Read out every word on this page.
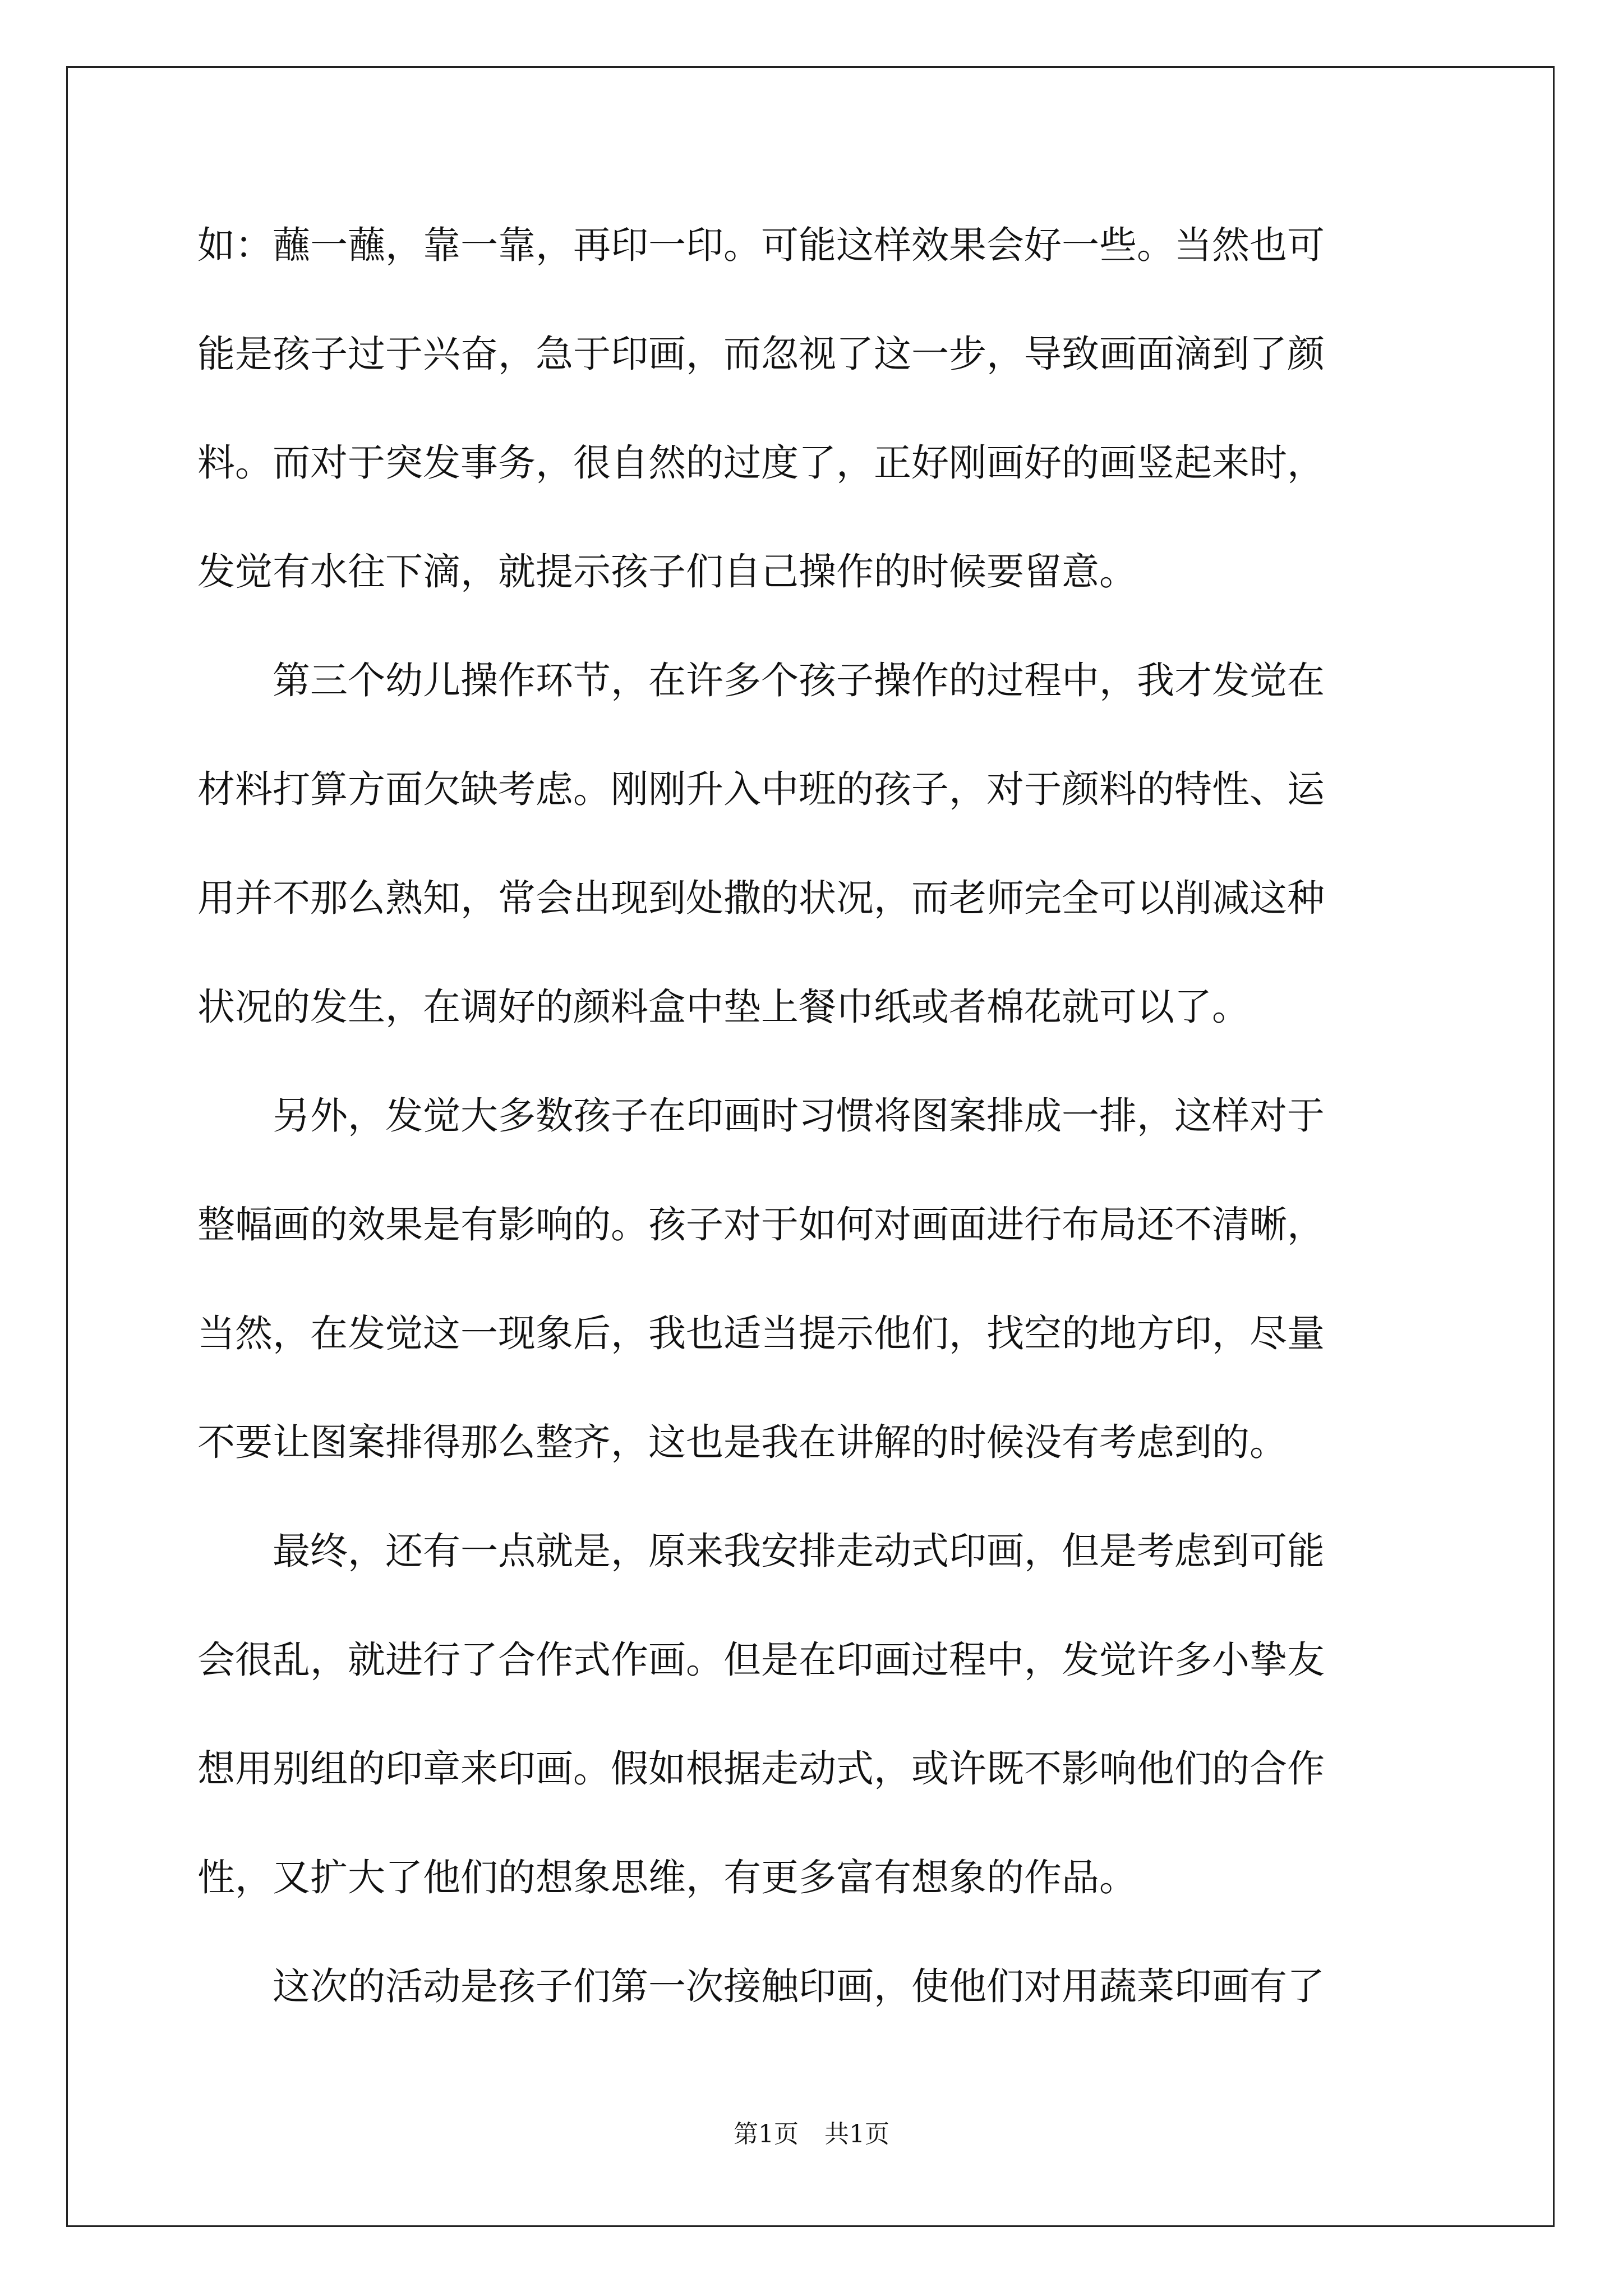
如：蘸一蘸，靠一靠，再印一印。可能这样效果会好一些。当然也可
能是孩子过于兴奋，急于印画，而忽视了这一步，导致画面滴到了颜
料。而对于突发事务，很自然的过度了，正好刚画好的画竖起来时，
发觉有水往下滴，就提示孩子们自己操作的时候要留意。
　　第三个幼儿操作环节，在许多个孩子操作的过程中，我才发觉在
材料打算方面欠缺考虑。刚刚升入中班的孩子，对于颜料的特性、运
用并不那么熟知，常会出现到处撒的状况，而老师完全可以削减这种
状况的发生，在调好的颜料盒中垫上餐巾纸或者棉花就可以了。
　　另外，发觉大多数孩子在印画时习惯将图案排成一排，这样对于
整幅画的效果是有影响的。孩子对于如何对画面进行布局还不清晰，
当然，在发觉这一现象后，我也适当提示他们，找空的地方印，尽量
不要让图案排得那么整齐，这也是我在讲解的时候没有考虑到的。
　　最终，还有一点就是，原来我安排走动式印画，但是考虑到可能
会很乱，就进行了合作式作画。但是在印画过程中，发觉许多小挚友
想用别组的印章来印画。假如根据走动式，或许既不影响他们的合作
性，又扩大了他们的想象思维，有更多富有想象的作品。
　　这次的活动是孩子们第一次接触印画，使他们对用蔬菜印画有了
第1页 共1页
